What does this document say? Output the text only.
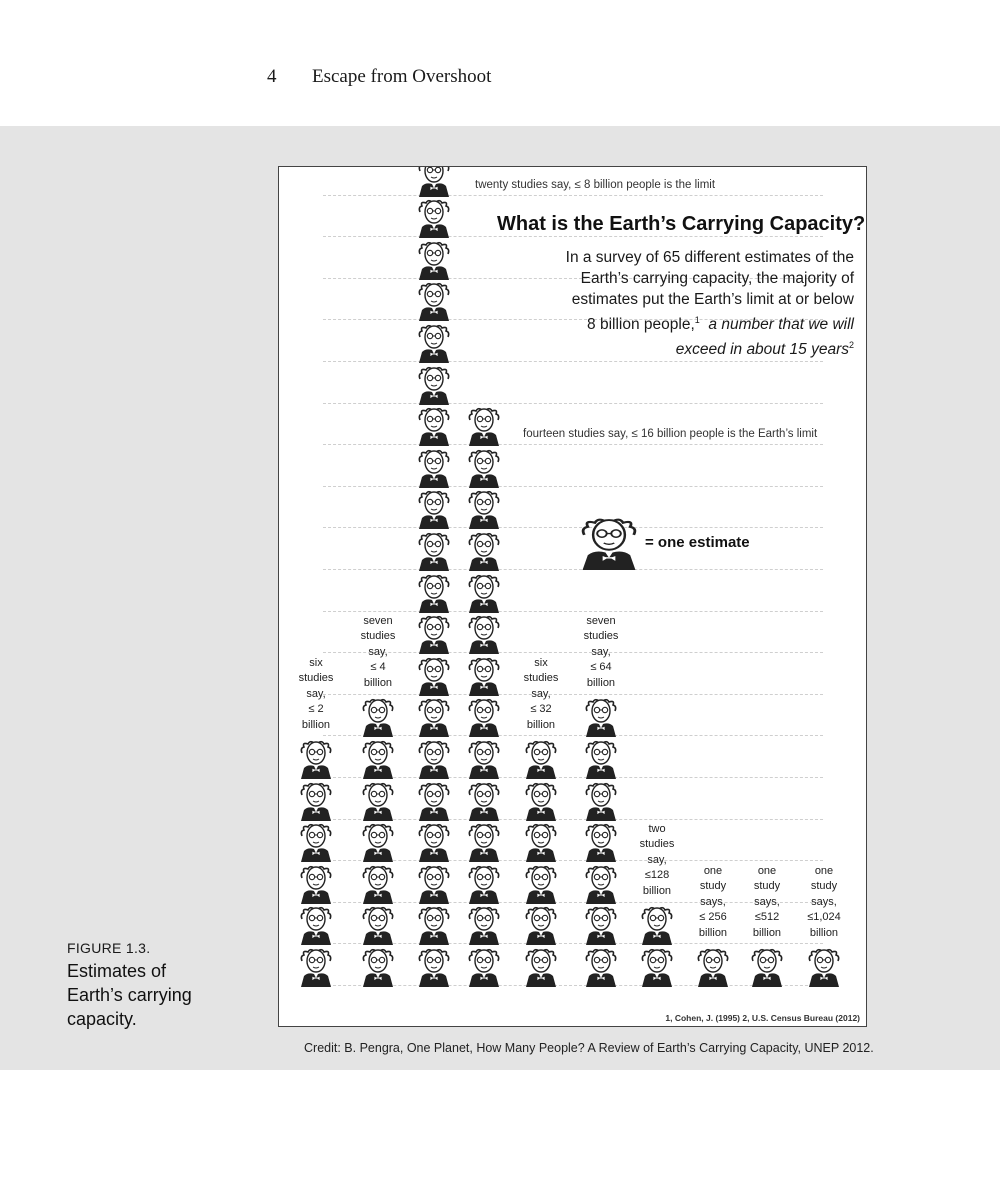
4 Escape from Overshoot
six
studies
say,
≤ 2
billion
seven
studies
say,
≤ 4
billion
six
studies
say,
≤ 32
billion
seven
studies
say,
≤ 64
billion
two
studies
say,
≤128
billion
one
study
says,
≤ 256
billion
one
study
says,
≤512
billion
one
study
says,
≤1,024
billion
twenty studies say, ≤ 8 billion people is the limit
What is the Earth’s Carrying Capacity?
In a survey of 65 different estimates of the
Earth’s carrying capacity, the majority of
estimates put the Earth’s limit at or below
8 billion people,$^1$ a number that we will
exceed in about 15 years$^2$
fourteen studies say, ≤ 16 billion people is the Earth’s limit
= one estimate
1, Cohen, J. (1995) 2, U.S. Census Bureau (2012)
FIGURE 1.3.
Estimates of
Earth’s carrying
capacity.
Credit: B. Pengra, One Planet, How Many People? A Review of Earth’s Carrying Capacity, UNEP 2012.
